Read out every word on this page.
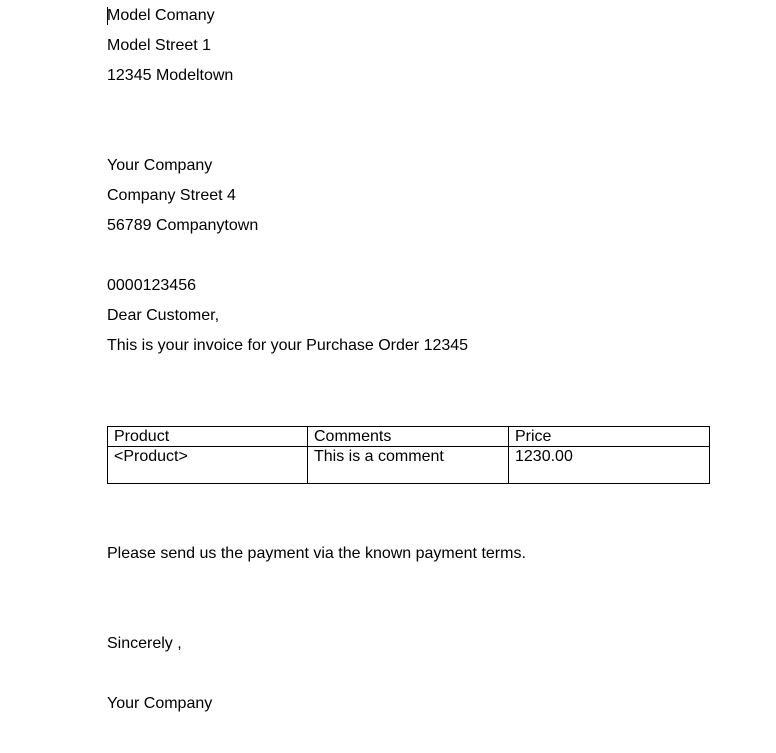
Model Comany
Model Street 1
12345 Modeltown
Your Company
Company Street 4
56789 Companytown
0000123456
Dear Customer,
This is your invoice for your Purchase Order 12345
Product	Comments	Price
<Product>	This is a comment	1230.00
Please send us the payment via the known payment terms.
Sincerely ,
Your Company
